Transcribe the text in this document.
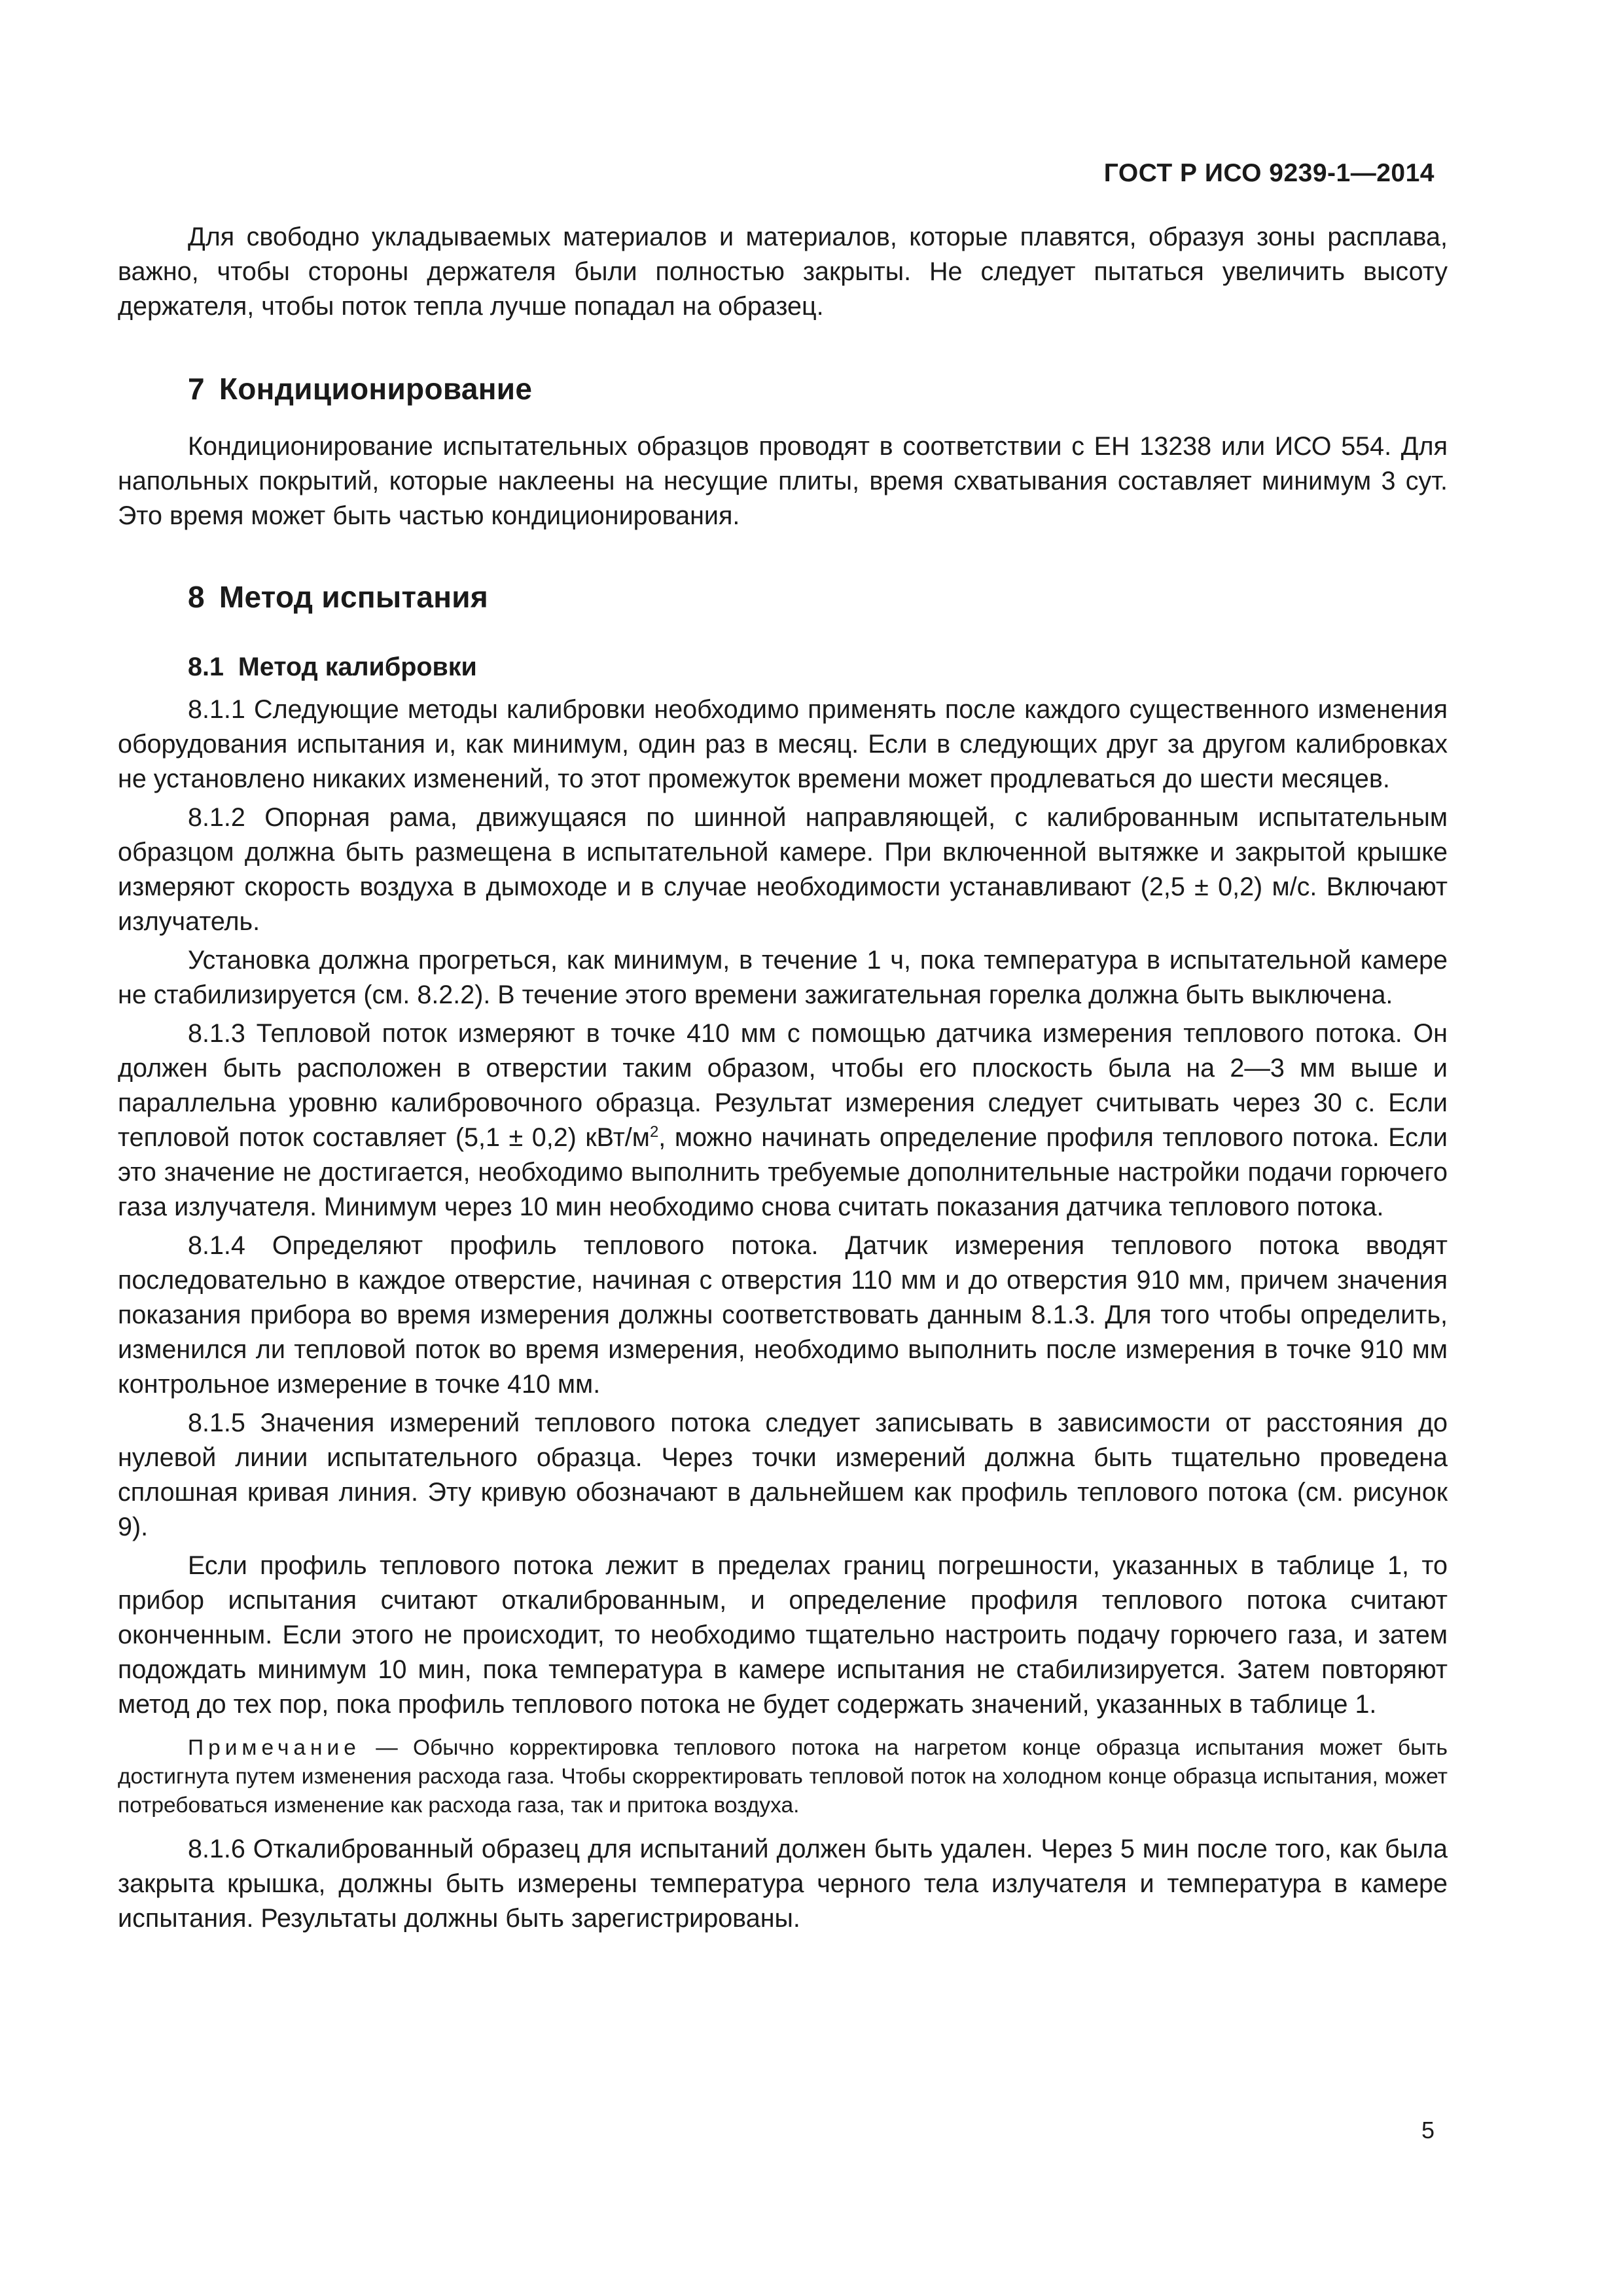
ГОСТ Р ИСО 9239-1—2014

Для свободно укладываемых материалов и материалов, которые плавятся, образуя зоны расплава, важно, чтобы стороны держателя были полностью закрыты. Не следует пытаться увеличить высоту держателя, чтобы поток тепла лучше попадал на образец.

7 Кондиционирование

Кондиционирование испытательных образцов проводят в соответствии с ЕН 13238 или ИСО 554. Для напольных покрытий, которые наклеены на несущие плиты, время схватывания составляет минимум 3 сут. Это время может быть частью кондиционирования.

8 Метод испытания
8.1 Метод калибровки

8.1.1 Следующие методы калибровки необходимо применять после каждого существенного изменения оборудования испытания и, как минимум, один раз в месяц. Если в следующих друг за другом калибровках не установлено никаких изменений, то этот промежуток времени может продлеваться до шести месяцев.

8.1.2 Опорная рама, движущаяся по шинной направляющей, с калиброванным испытательным образцом должна быть размещена в испытательной камере. При включенной вытяжке и закрытой крышке измеряют скорость воздуха в дымоходе и в случае необходимости устанавливают (2,5 ± 0,2) м/с. Включают излучатель.

Установка должна прогреться, как минимум, в течение 1 ч, пока температура в испытательной камере не стабилизируется (см. 8.2.2). В течение этого времени зажигательная горелка должна быть выключена.

8.1.3 Тепловой поток измеряют в точке 410 мм с помощью датчика измерения теплового потока. Он должен быть расположен в отверстии таким образом, чтобы его плоскость была на 2—3 мм выше и параллельна уровню калибровочного образца. Результат измерения следует считывать через 30 с. Если тепловой поток составляет (5,1 ± 0,2) кВт/$м^2$, можно начинать определение профиля теплового потока. Если это значение не достигается, необходимо выполнить требуемые дополнительные настройки подачи горючего газа излучателя. Минимум через 10 мин необходимо снова считать показания датчика теплового потока.

8.1.4 Определяют профиль теплового потока. Датчик измерения теплового потока вводят последовательно в каждое отверстие, начиная с отверстия 110 мм и до отверстия 910 мм, причем значения показания прибора во время измерения должны соответствовать данным 8.1.3. Для того чтобы определить, изменился ли тепловой поток во время измерения, необходимо выполнить после измерения в точке 910 мм контрольное измерение в точке 410 мм.

8.1.5 Значения измерений теплового потока следует записывать в зависимости от расстояния до нулевой линии испытательного образца. Через точки измерений должна быть тщательно проведена сплошная кривая линия. Эту кривую обозначают в дальнейшем как профиль теплового потока (см. рисунок 9).

Если профиль теплового потока лежит в пределах границ погрешности, указанных в таблице 1, то прибор испытания считают откалиброванным, и определение профиля теплового потока считают оконченным. Если этого не происходит, то необходимо тщательно настроить подачу горючего газа, и затем подождать минимум 10 мин, пока температура в камере испытания не стабилизируется. Затем повторяют метод до тех пор, пока профиль теплового потока не будет содержать значений, указанных в таблице 1.

Примечание — Обычно корректировка теплового потока на нагретом конце образца испытания может быть достигнута путем изменения расхода газа. Чтобы скорректировать тепловой поток на холодном конце образца испытания, может потребоваться изменение как расхода газа, так и притока воздуха.

8.1.6 Откалиброванный образец для испытаний должен быть удален. Через 5 мин после того, как была закрыта крышка, должны быть измерены температура черного тела излучателя и температура в камере испытания. Результаты должны быть зарегистрированы.

5
